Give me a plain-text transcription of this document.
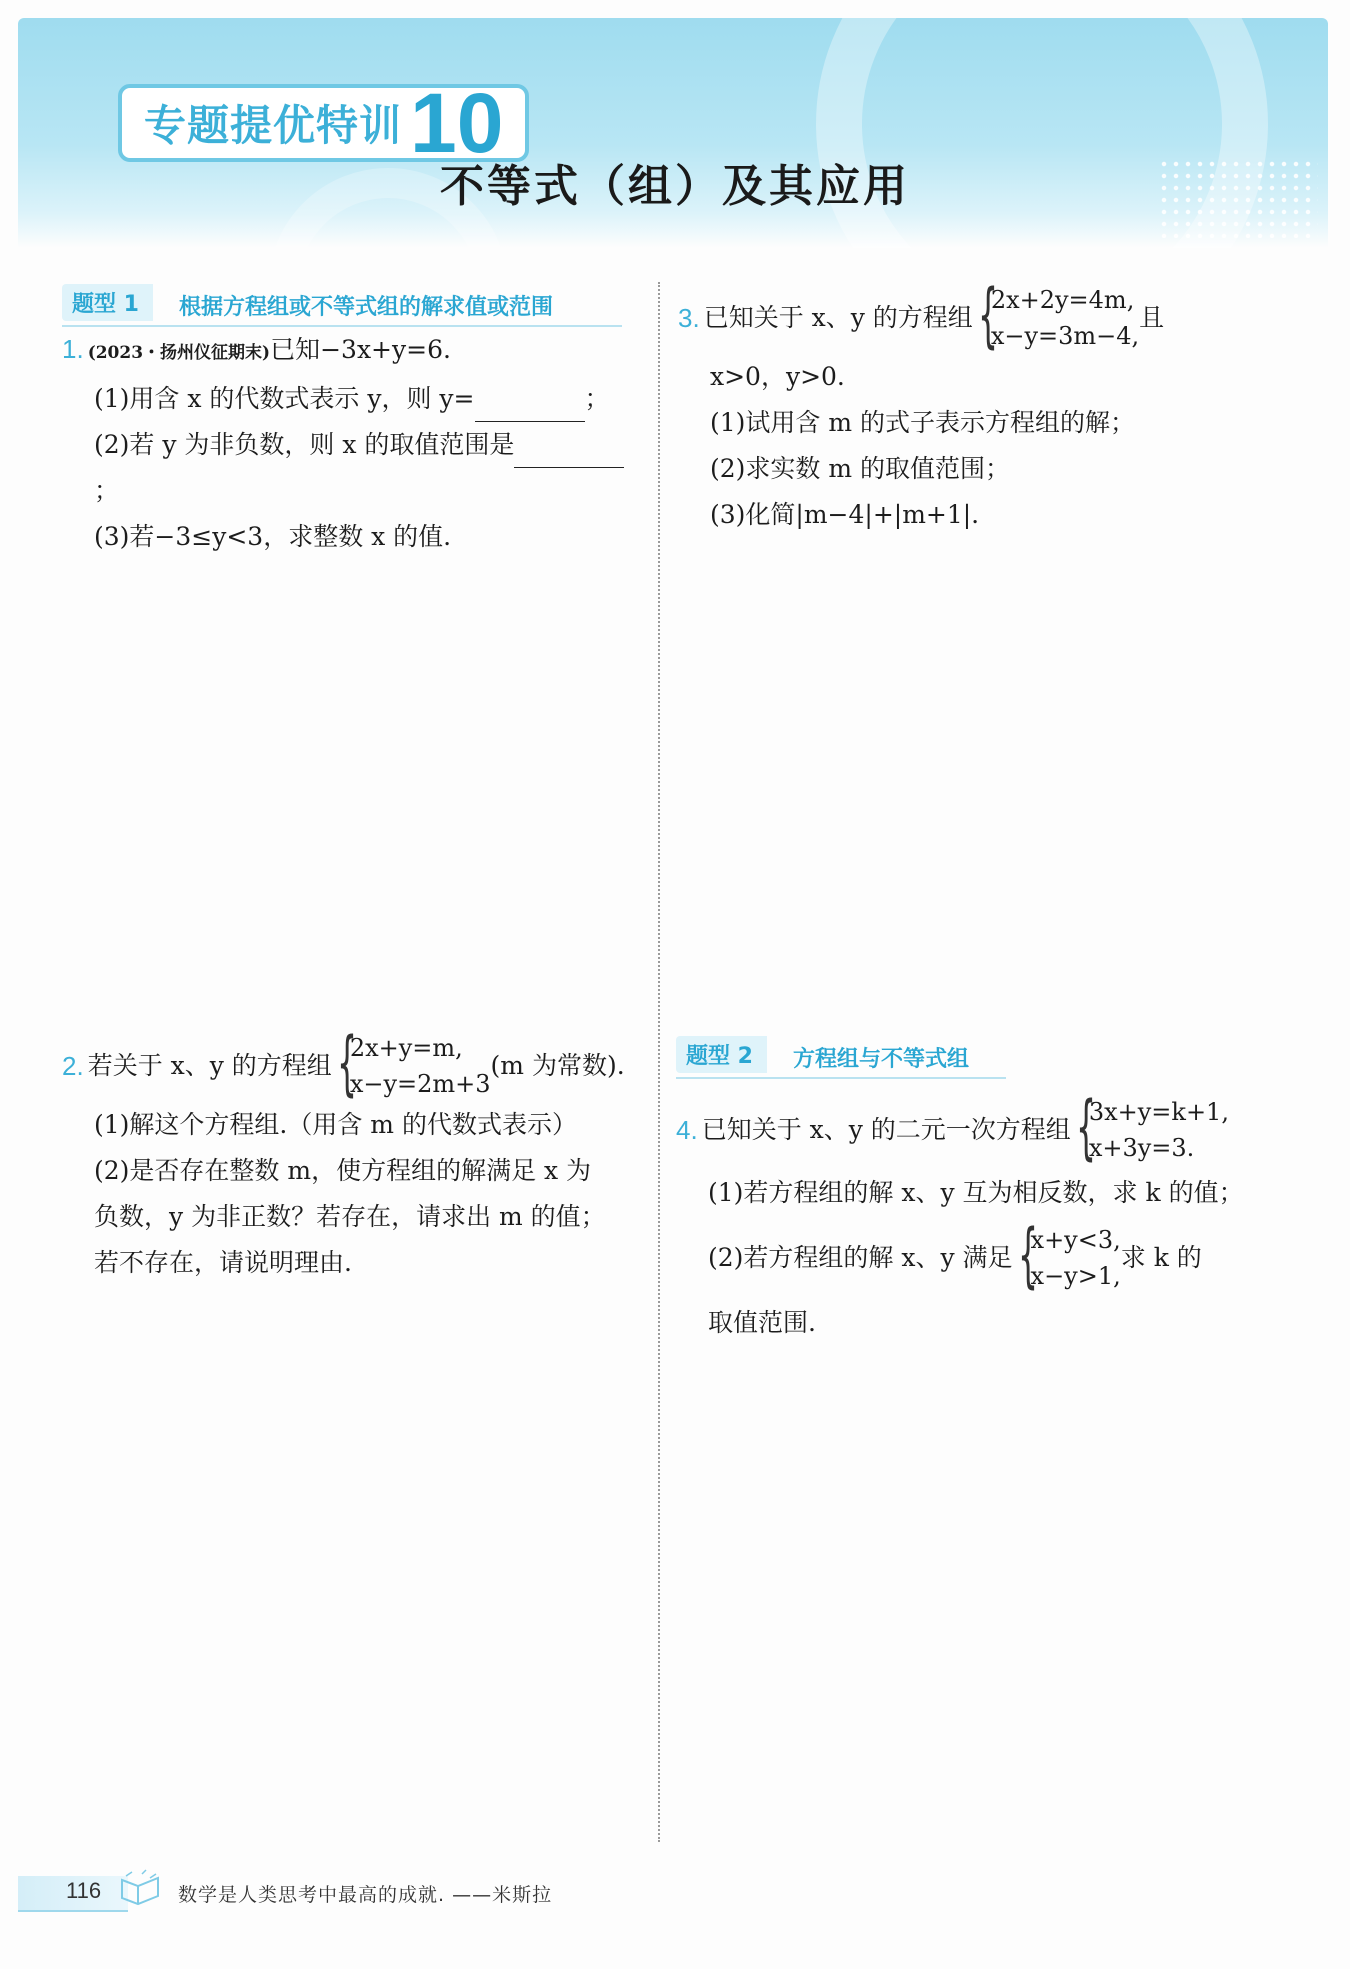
专题提优特训 10
不等式（组）及其应用
题型 1	根据方程组或不等式组的解求值或范围
1. (2023・扬州仪征期末)已知−3x+y=6.
(1)用含 x 的代数式表示 y，则 y=	；
(2)若 y 为非负数，则 x 的取值范围是；
(3)若−3≤y<3，求整数 x 的值.
2. 若关于 x、y 的方程组 {
2x+y=m,
x−y=2m+3
(m 为常数).
(1)解这个方程组.（用含 m 的代数式表示）
(2)是否存在整数 m，使方程组的解满足 x 为
负数，y 为非正数？若存在，请求出 m 的值；
若不存在，请说明理由.
3. 已知关于 x、y 的方程组 {
2x+2y=4m,
x−y=3m−4,
且
x>0，y>0.
(1)试用含 m 的式子表示方程组的解；
(2)求实数 m 的取值范围；
(3)化简|m−4|+|m+1|.
题型 2	方程组与不等式组
4. 已知关于 x、y 的二元一次方程组 {
3x+y=k+1,
x+3y=3.
(1)若方程组的解 x、y 互为相反数，求 k 的值；
(2)若方程组的解 x、y 满足 {
x+y<3,
x−y>1,
求 k 的
取值范围.
116	数学是人类思考中最高的成就. ——米斯拉
